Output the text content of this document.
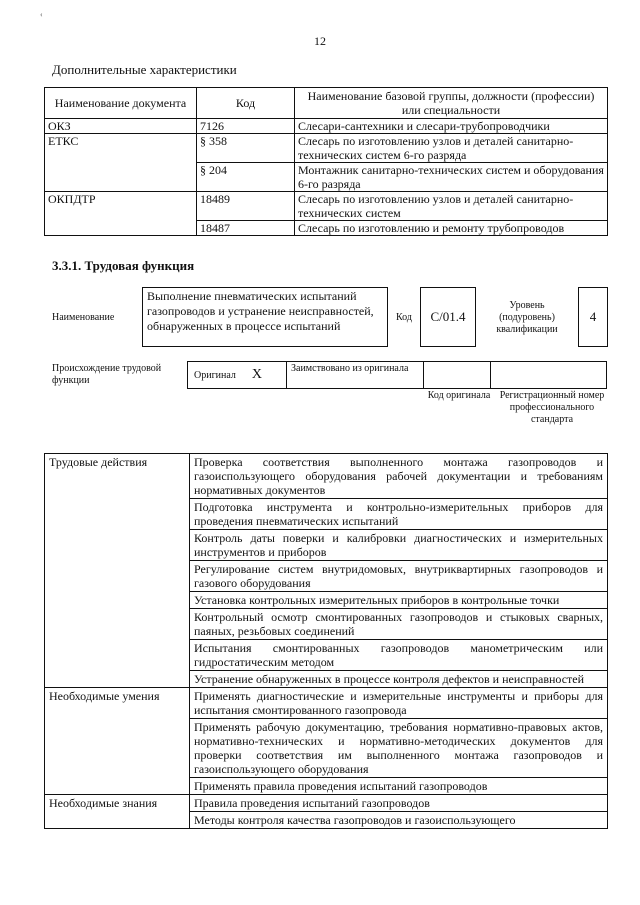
12
Дополнительные характеристики
Наименование документа	Код	Наименование базовой группы, должности (профессии) или специальности
ОКЗ	7126	Слесари-сантехники и слесари-трубопроводчики
ЕТКС	§ 358	Слесарь по изготовлению узлов и деталей санитарно-технических систем 6-го разряда
	§ 204	Монтажник санитарно-технических систем и оборудования 6-го разряда
ОКПДТР	18489	Слесарь по изготовлению узлов и деталей санитарно-технических систем
	18487	Слесарь по изготовлению и ремонту трубопроводов
3.3.1. Трудовая функция
Наименование
Выполнение пневматических испытаний газопроводов и устранение неисправностей, обнаруженных в процессе испытаний
Код	С/01.4
Уровень (подуровень) квалификации
4
Происхождение трудовой функции	Оригинал X	Заимствовано из оригинала
Код оригинала Регистрационный номер профессионального стандарта
Трудовые действия	Проверка соответствия выполненного монтажа газопроводов и газоиспользующего оборудования рабочей документации и требованиям нормативных документов
	Подготовка инструмента и контрольно-измерительных приборов для проведения пневматических испытаний
	Контроль даты поверки и калибровки диагностических и измерительных инструментов и приборов
	Регулирование систем внутридомовых, внутриквартирных газопроводов и газового оборудования
	Установка контрольных измерительных приборов в контрольные точки
	Контрольный осмотр смонтированных газопроводов и стыковых сварных, паяных, резьбовых соединений
	Испытания смонтированных газопроводов манометрическим или гидростатическим методом
	Устранение обнаруженных в процессе контроля дефектов и неисправностей
Необходимые умения	Применять диагностические и измерительные инструменты и приборы для испытания смонтированного газопровода
	Применять рабочую документацию, требования нормативно-правовых актов, нормативно-технических и нормативно-методических документов для проверки соответствия им выполненного монтажа газопроводов и газоиспользующего оборудования
	Применять правила проведения испытаний газопроводов
Необходимые знания	Правила проведения испытаний газопроводов
	Методы контроля качества газопроводов и газоиспользующего
‹
